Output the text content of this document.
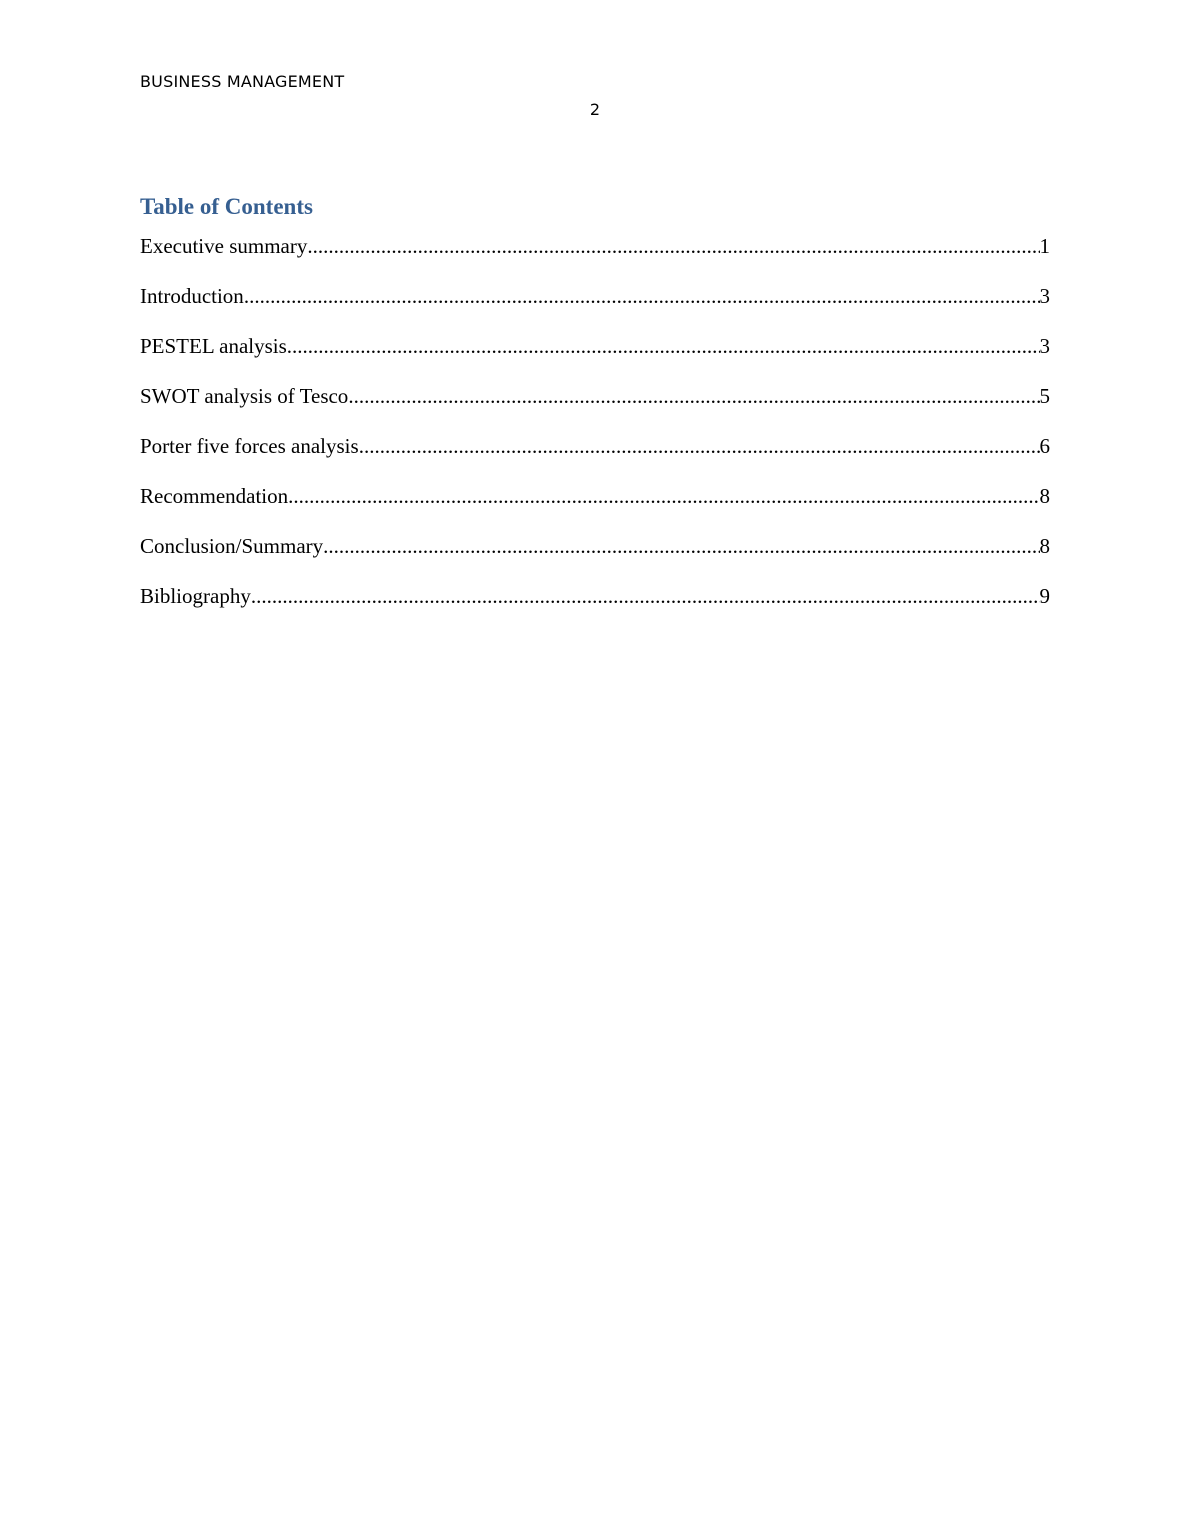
BUSINESS MANAGEMENT
2
Table of Contents
Executive summary .....	1
Introduction .....	3
PESTEL analysis .....	3
SWOT analysis of Tesco .....	5
Porter five forces analysis .....	6
Recommendation .....	8
Conclusion/Summary .....	8
Bibliography .....	9
